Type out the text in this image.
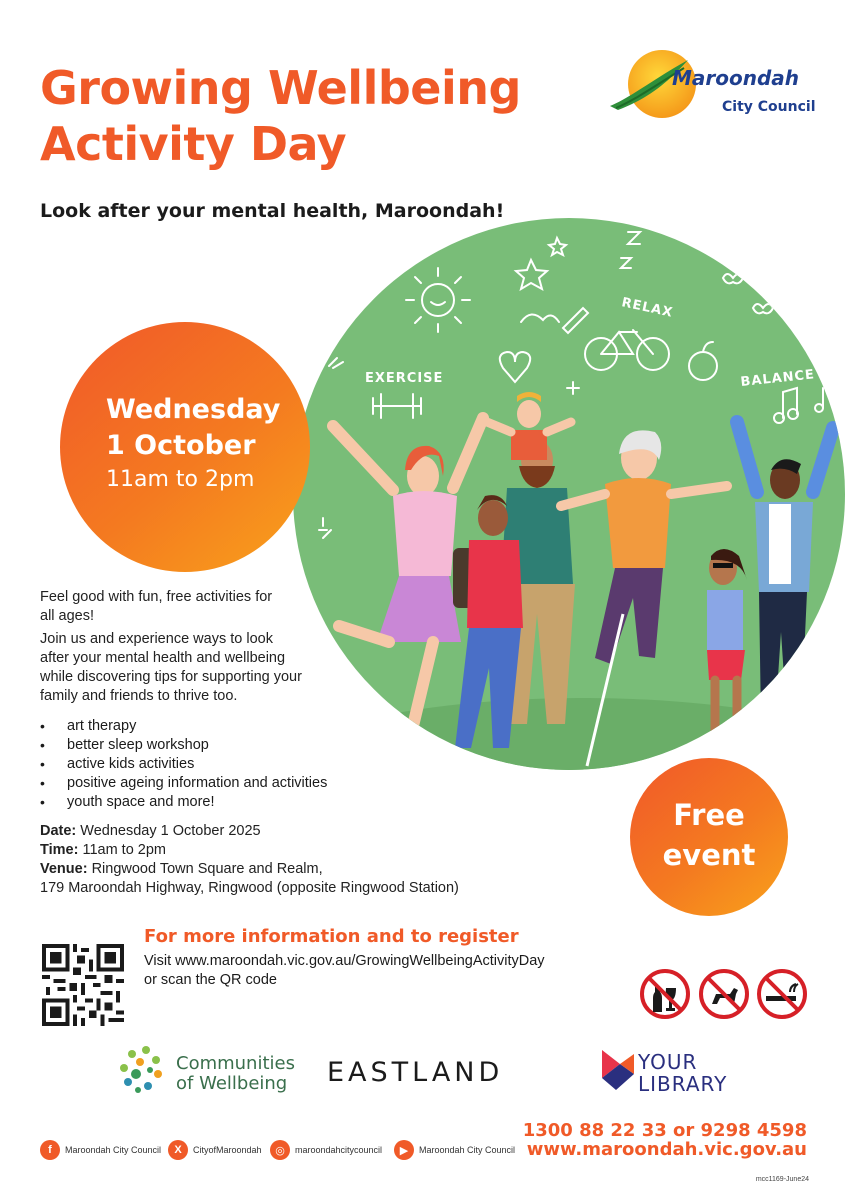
Growing Wellbeing
Activity Day
Look after your mental health, Maroondah!
Maroondah
City Council
EXERCISE
RELAX
BALANCE
Wednesday
1 October
11am to 2pm
Free
event
Feel good with fun, free activities for all ages!
Join us and experience ways to look after your mental health and wellbeing while discovering tips for supporting your family and friends to thrive too.
• art therapy
• better sleep workshop
• active kids activities
• positive ageing information and activities
• youth space and more!
Date: Wednesday 1 October 2025
Time: 11am to 2pm
Venue: Ringwood Town Square and Realm,
179 Maroondah Highway, Ringwood (opposite Ringwood Station)
For more information and to register
Visit www.maroondah.vic.gov.au/GrowingWellbeingActivityDay
or scan the QR code
Communities
of Wellbeing EASTLAND	YOUR
LIBRARY
1300 88 22 33 or 9298 4598
www.maroondah.vic.gov.au
f	Maroondah City Council	X	CityofMaroondah	◎	maroondahcitycouncil	▶	Maroondah City Council
mcc1169-June24
